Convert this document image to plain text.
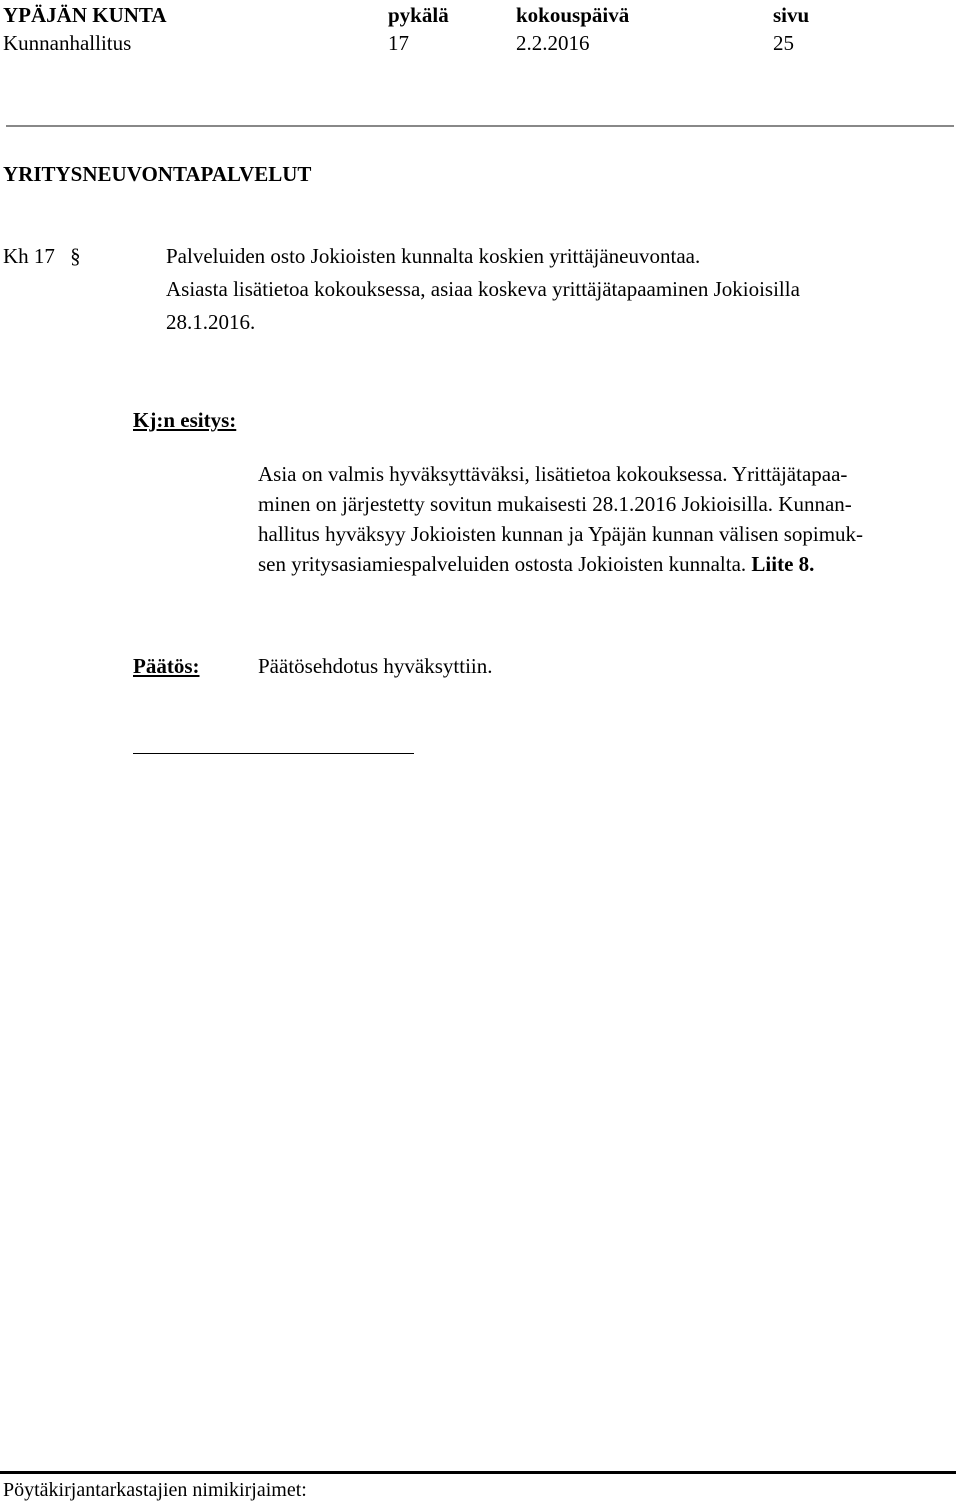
YPÄJÄN KUNTA
Kunnanhallitus
pykälä
17
kokouspäivä
2.2.2016
sivu
25
YRITYSNEUVONTAPALVELUT
Kh 17 §	Palveluiden osto Jokioisten kunnalta koskien yrittäjäneuvontaa.
Asiasta lisätietoa kokouksessa, asiaa koskeva yrittäjätapaaminen Jokioisilla
28.1.2016.
Kj:n esitys:
Asia on valmis hyväksyttäväksi, lisätietoa kokouksessa. Yrittäjätapaa-
minen on järjestetty sovitun mukaisesti 28.1.2016 Jokioisilla. Kunnan-
hallitus hyväksyy Jokioisten kunnan ja Ypäjän kunnan välisen sopimuk-
sen yritysasiamiespalveluiden ostosta Jokioisten kunnalta. Liite 8.
Päätös:	Päätösehdotus hyväksyttiin.
Pöytäkirjantarkastajien nimikirjaimet:
